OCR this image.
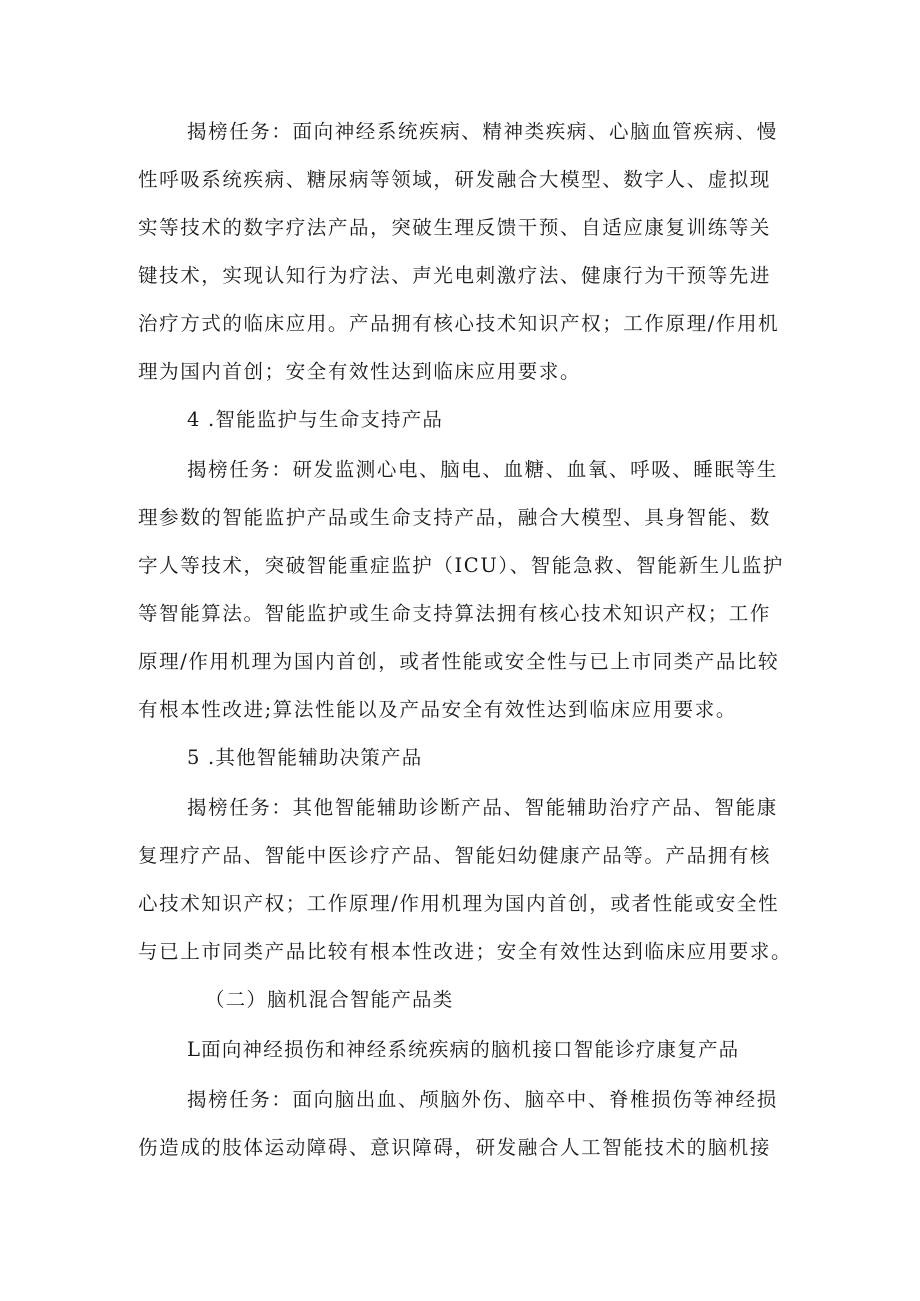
揭榜任务：面向神经系统疾病、精神类疾病、心脑血管疾病、慢
性呼吸系统疾病、糖尿病等领域，研发融合大模型、数字人、虚拟现
实等技术的数字疗法产品，突破生理反馈干预、自适应康复训练等关
键技术，实现认知行为疗法、声光电刺激疗法、健康行为干预等先进
治疗方式的临床应用。产品拥有核心技术知识产权；工作原理/作用机
理为国内首创；安全有效性达到临床应用要求。
4 .智能监护与生命支持产品
揭榜任务：研发监测心电、脑电、血糖、血氧、呼吸、睡眠等生
理参数的智能监护产品或生命支持产品，融合大模型、具身智能、数
字人等技术，突破智能重症监护（ICU）、智能急救、智能新生儿监护
等智能算法。智能监护或生命支持算法拥有核心技术知识产权；工作
原理/作用机理为国内首创，或者性能或安全性与已上市同类产品比较
有根本性改进;算法性能以及产品安全有效性达到临床应用要求。
5 .其他智能辅助决策产品
揭榜任务：其他智能辅助诊断产品、智能辅助治疗产品、智能康
复理疗产品、智能中医诊疗产品、智能妇幼健康产品等。产品拥有核
心技术知识产权；工作原理/作用机理为国内首创，或者性能或安全性
与已上市同类产品比较有根本性改进；安全有效性达到临床应用要求。
（二）脑机混合智能产品类
L面向神经损伤和神经系统疾病的脑机接口智能诊疗康复产品
揭榜任务：面向脑出血、颅脑外伤、脑卒中、脊椎损伤等神经损
伤造成的肢体运动障碍、意识障碍，研发融合人工智能技术的脑机接
